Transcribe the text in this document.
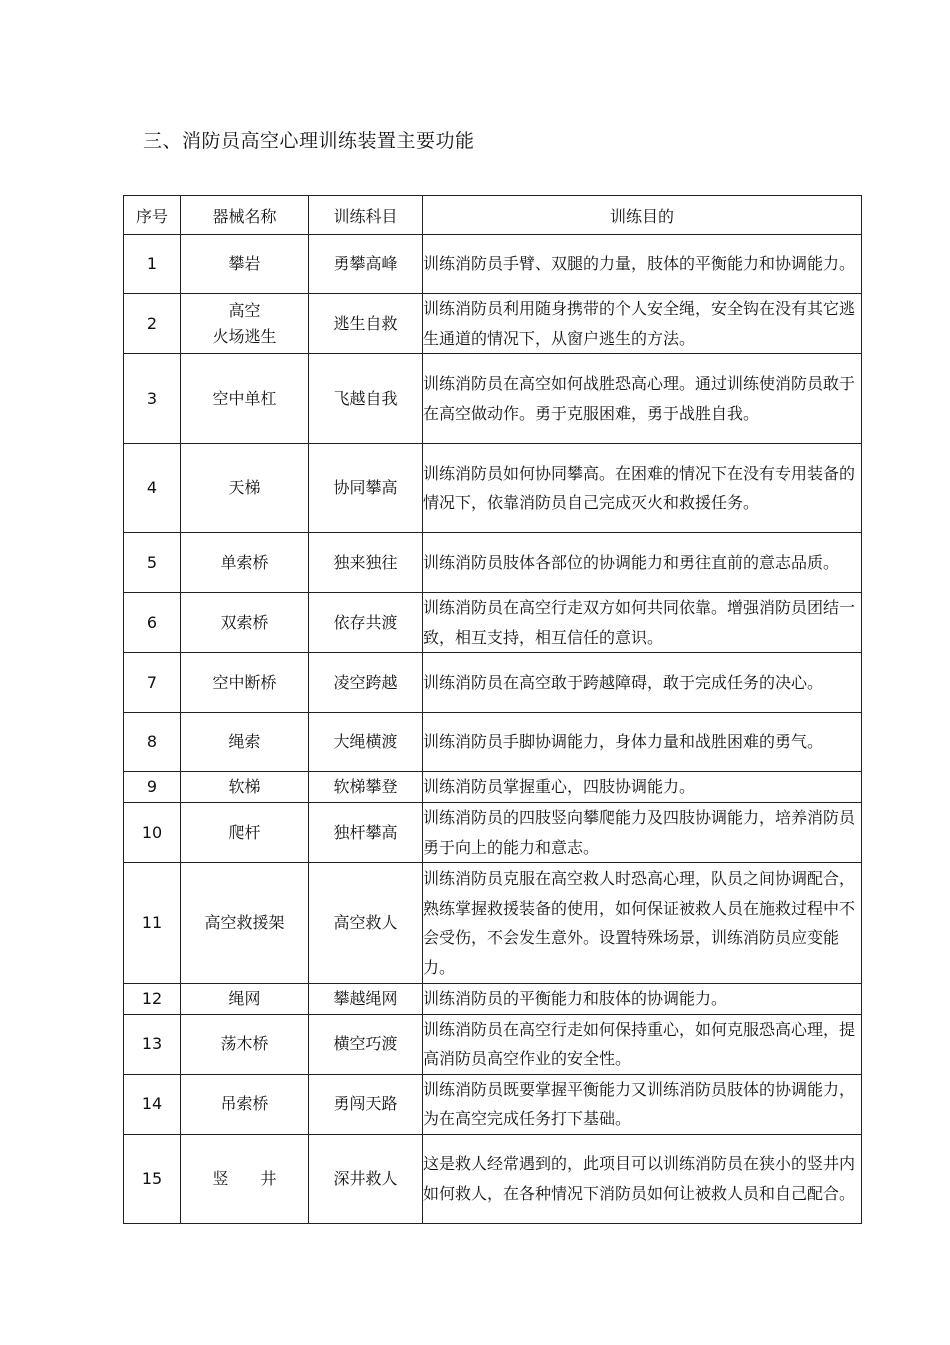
三、消防员高空心理训练装置主要功能
序号	器械名称	训练科目	训练目的
1	攀岩	勇攀高峰	训练消防员手臂、双腿的力量，肢体的平衡能力和协调能力。
2	高空
火场逃生	逃生自救	训练消防员利用随身携带的个人安全绳，安全钩在没有其它逃生通道的情况下，从窗户逃生的方法。
3	空中单杠	飞越自我	训练消防员在高空如何战胜恐高心理。通过训练使消防员敢于在高空做动作。勇于克服困难，勇于战胜自我。
4	天梯	协同攀高	训练消防员如何协同攀高。在困难的情况下在没有专用装备的情况下，依靠消防员自己完成灭火和救援任务。
5	单索桥	独来独往	训练消防员肢体各部位的协调能力和勇往直前的意志品质。
6	双索桥	依存共渡	训练消防员在高空行走双方如何共同依靠。增强消防员团结一致，相互支持，相互信任的意识。
7	空中断桥	凌空跨越	训练消防员在高空敢于跨越障碍，敢于完成任务的决心。
8	绳索	大绳横渡	训练消防员手脚协调能力，身体力量和战胜困难的勇气。
9	软梯	软梯攀登	训练消防员掌握重心，四肢协调能力。
10	爬杆	独杆攀高	训练消防员的四肢竖向攀爬能力及四肢协调能力，培养消防员勇于向上的能力和意志。
11	高空救援架	高空救人	训练消防员克服在高空救人时恐高心理，队员之间协调配合，熟练掌握救援装备的使用，如何保证被救人员在施救过程中不会受伤，不会发生意外。设置特殊场景，训练消防员应变能力。
12	绳网	攀越绳网	训练消防员的平衡能力和肢体的协调能力。
13	荡木桥	横空巧渡	训练消防员在高空行走如何保持重心，如何克服恐高心理，提高消防员高空作业的安全性。
14	吊索桥	勇闯天路	训练消防员既要掌握平衡能力又训练消防员肢体的协调能力，为在高空完成任务打下基础。
15	竖　　井	深井救人	这是救人经常遇到的，此项目可以训练消防员在狭小的竖井内如何救人，在各种情况下消防员如何让被救人员和自己配合。
